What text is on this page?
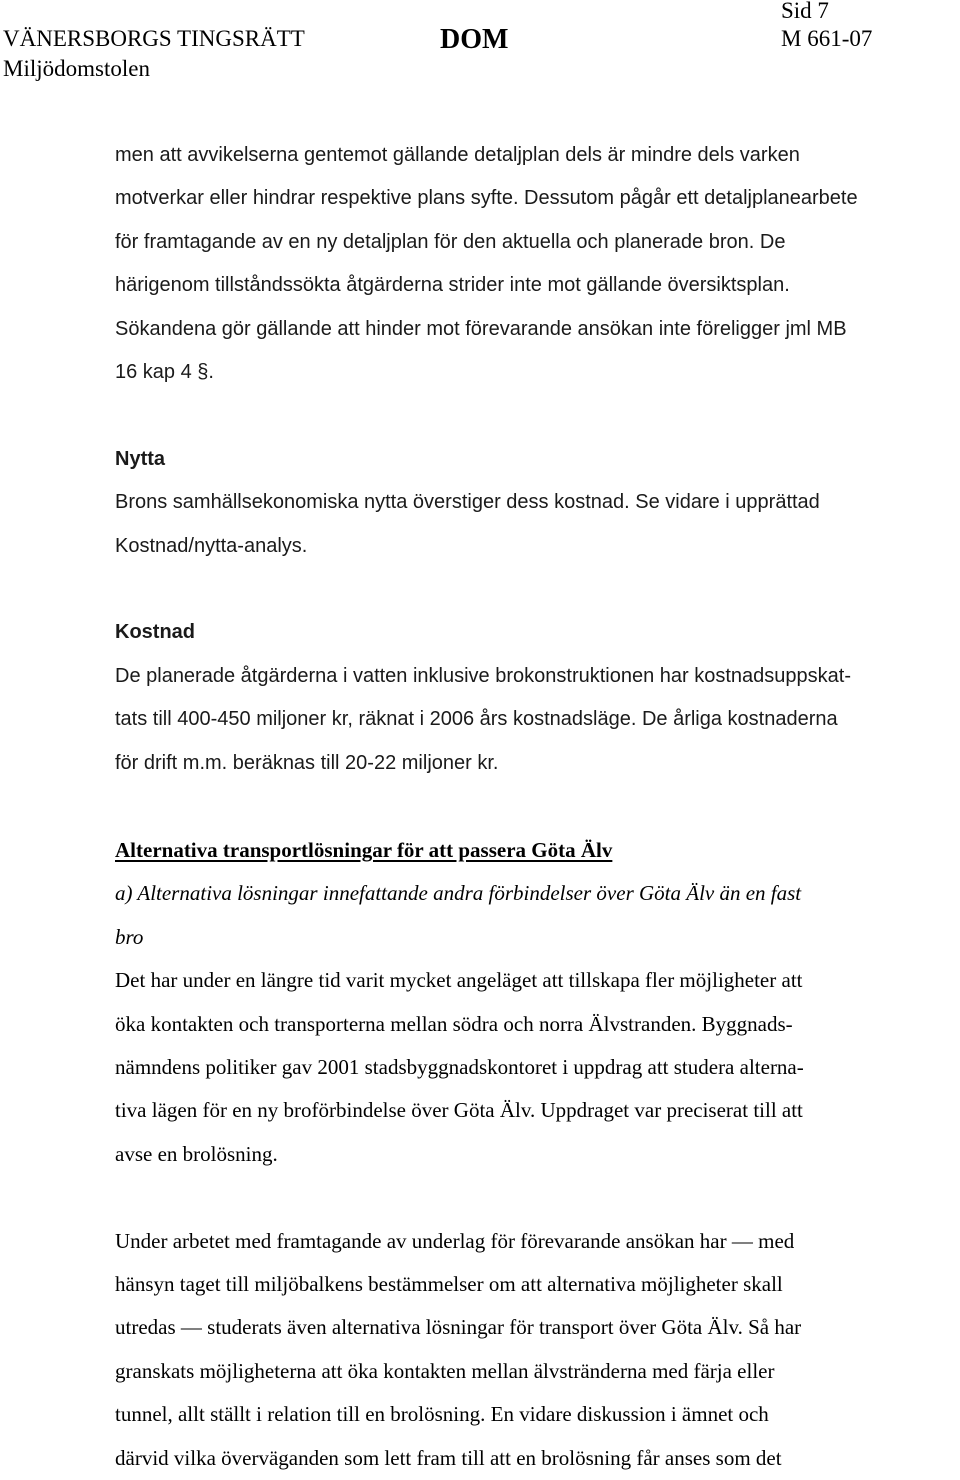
VÄNERSBORGS TINGSRÄTT
Miljödomstolen
DOM
Sid 7
M 661-07
men att avvikelserna gentemot gällande detaljplan dels är mindre dels varken
motverkar eller hindrar respektive plans syfte. Dessutom pågår ett detaljplanearbete
för framtagande av en ny detaljplan för den aktuella och planerade bron. De
härigenom tillståndssökta åtgärderna strider inte mot gällande översiktsplan.
Sökandena gör gällande att hinder mot förevarande ansökan inte föreligger jml MB
16 kap 4 §.
Nytta
Brons samhällsekonomiska nytta överstiger dess kostnad. Se vidare i upprättad
Kostnad/nytta-analys.
Kostnad
De planerade åtgärderna i vatten inklusive brokonstruktionen har kostnadsuppskat-
tats till 400-450 miljoner kr, räknat i 2006 års kostnadsläge. De årliga kostnaderna
för drift m.m. beräknas till 20-22 miljoner kr.
Alternativa transportlösningar för att passera Göta Älv
a) Alternativa lösningar innefattande andra förbindelser över Göta Älv än en fast
bro
Det har under en längre tid varit mycket angeläget att tillskapa fler möjligheter att
öka kontakten och transporterna mellan södra och norra Älvstranden. Byggnads-
nämndens politiker gav 2001 stadsbyggnadskontoret i uppdrag att studera alterna-
tiva lägen för en ny broförbindelse över Göta Älv. Uppdraget var preciserat till att
avse en brolösning.
Under arbetet med framtagande av underlag för förevarande ansökan har — med
hänsyn taget till miljöbalkens bestämmelser om att alternativa möjligheter skall
utredas — studerats även alternativa lösningar för transport över Göta Älv. Så har
granskats möjligheterna att öka kontakten mellan älvstränderna med färja eller
tunnel, allt ställt i relation till en brolösning. En vidare diskussion i ämnet och
därvid vilka överväganden som lett fram till att en brolösning får anses som det
